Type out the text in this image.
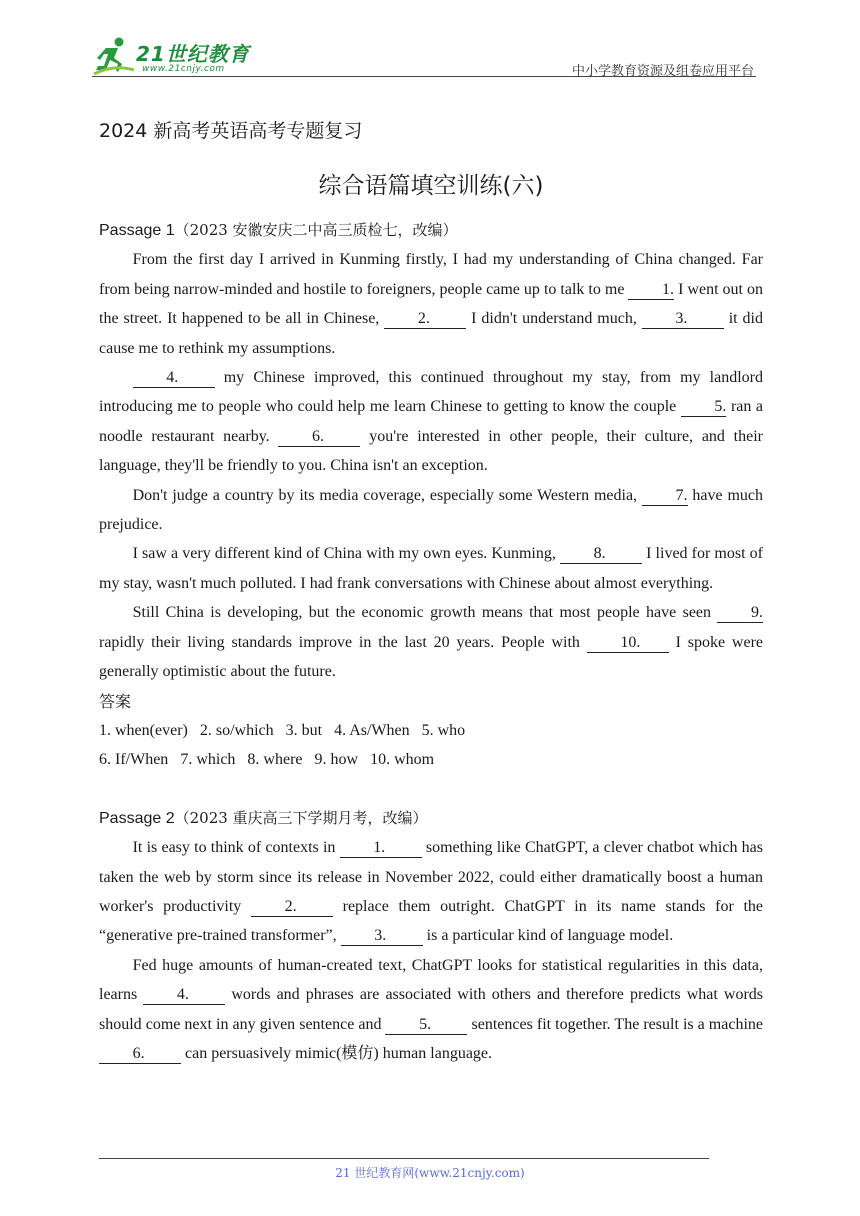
21世纪教育
www.21cnjy.com	中小学教育资源及组卷应用平台
2024 新高考英语高考专题复习
综合语篇填空训练(六)
Passage 1（2023 安徽安庆二中高三质检七，改编）

From the first day I arrived in Kunming firstly, I had my understanding of China changed. Far from being narrow-minded and hostile to foreigners, people came up to talk to me 1. I went out on the street. It happened to be all in Chinese, 2. I didn't understand much, 3. it did cause me to rethink my assumptions.

4. my Chinese improved, this continued throughout my stay, from my landlord introducing me to people who could help me learn Chinese to getting to know the couple 5. ran a noodle restaurant nearby. 6. you're interested in other people, their culture, and their language, they'll be friendly to you. China isn't an exception.

Don't judge a country by its media coverage, especially some Western media, 7. have much prejudice.

I saw a very different kind of China with my own eyes. Kunming, 8. I lived for most of my stay, wasn't much polluted. I had frank conversations with Chinese about almost everything.

Still China is developing, but the economic growth means that most people have seen 9. rapidly their living standards improve in the last 20 years. People with 10. I spoke were generally optimistic about the future.

答案
1. when(ever) 2. so/which 3. but 4. As/When 5. who
6. If/When 7. which 8. where 9. how 10. whom
Passage 2（2023 重庆高三下学期月考，改编）

It is easy to think of contexts in 1. something like ChatGPT, a clever chatbot which has taken the web by storm since its release in November 2022, could either dramatically boost a human worker's productivity 2. replace them outright. ChatGPT in its name stands for the “generative pre-trained transformer”, 3. is a particular kind of language model.

Fed huge amounts of human-created text, ChatGPT looks for statistical regularities in this data, learns 4. words and phrases are associated with others and therefore predicts what words should come next in any given sentence and 5. sentences fit together. The result is a machine 6. can persuasively mimic(模仿) human language.

21 世纪教育网(www.21cnjy.com)
